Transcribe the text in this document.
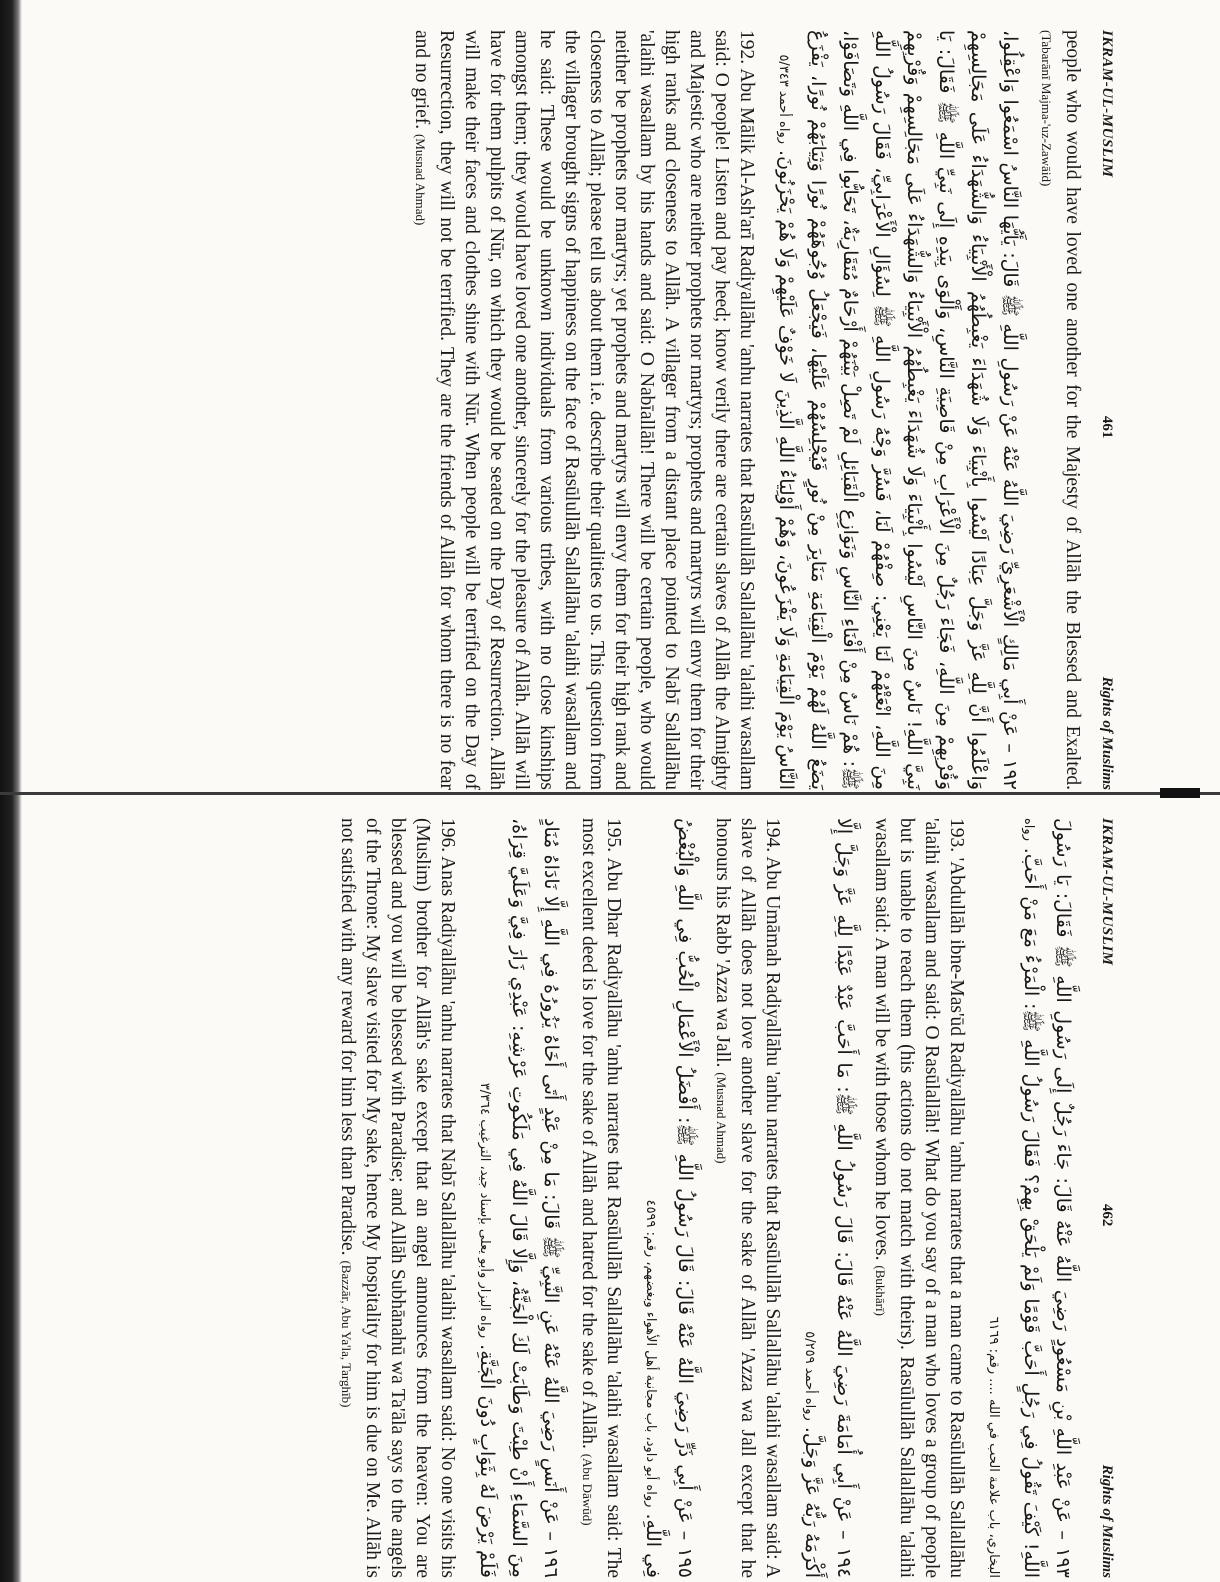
IKRAM-UL-MUSLIM
461
Rights of Muslims

people who would have loved one another for the Majesty of Allāh the Blessed and Exalted. (Tabarānī Majma-'uz-Zawāid)

١٩٢ – عَنْ أَبِي مَالِكٍ الْأَشْعَرِيِّ رَضِيَ اللَّهُ عَنْهُ عَنْ رَسُولِ اللَّهِ ﷺ قَالَ: يَأَيُّهَا النَّاسُ اسْمَعُوا وَاعْقِلُوا، وَاعْلَمُوا أَنَّ لِلَّهِ عَزَّ وَجَلَّ عِبَادًا لَيْسُوا بِأَنْبِيَاءَ وَلَا شُهَدَاءَ يَغْبِطُهُمُ الْأَنْبِيَاءُ وَالشُّهَدَاءُ عَلَى مَجَالِسِهِمْ وَقُرْبِهِمْ مِنَ اللَّهِ، فَجَاءَ رَجُلٌ مِنَ الْأَعْرَابِ مِنْ قَاصِيَةِ النَّاسِ، وَأَلْوَى بِيَدِهِ إِلَى نَبِيِّ اللَّهِ ﷺ فَقَالَ: يَا نَبِيَّ اللَّهِ! نَاسٌ مِنَ النَّاسِ لَيْسُوا بِأَنْبِيَاءَ وَلَا شُهَدَاءَ يَغْبِطُهُمُ الْأَنْبِيَاءُ وَالشُّهَدَاءُ عَلَى مَجَالِسِهِمْ وَقُرْبِهِمْ مِنَ اللَّهِ، انْعَتْهُمْ لَنَا يَعْنِي: صِفْهُمْ لَنَا، فَسُرَّ وَجْهُ رَسُولِ اللَّهِ ﷺ لِسُؤَالِ الْأَعْرَابِيِّ، فَقَالَ رَسُولُ اللَّهِ ﷺ: هُمْ نَاسٌ مِنْ أَفْنَاءِ النَّاسِ وَنَوَازِعِ الْقَبَائِلِ لَمْ تَصِلْ بَيْنَهُمْ أَرْحَامٌ مُتَقَارِبَةٌ، تَحَابُّوا فِي اللَّهِ وَتَصَافَوْا، يَضَعُ اللَّهُ لَهُمْ يَوْمَ الْقِيَامَةِ مَنَابِرَ مِنْ نُورٍ فَيُجْلِسُهُمْ عَلَيْهَا، فَيَجْعَلُ وُجُوهَهُمْ نُورًا وَثِيَابَهُمْ نُورًا، يَفْزَعُ النَّاسُ يَوْمَ الْقِيَامَةِ وَلَا يَفْزَعُونَ، وَهُمْ أَوْلِيَاءُ اللَّهِ الَّذِينَ لَا خَوْفٌ عَلَيْهِمْ وَلَا هُمْ يَحْزَنُونَ. رواه أحمد ٥/٣٤٣

192. Abu Mālik Al-Ash'arī Radiyallāhu 'anhu narrates that Rasūlullāh Sallallāhu 'alaihi wasallam said: O people! Listen and pay heed; know verily there are certain slaves of Allāh the Almighty and Majestic who are neither prophets nor martyrs; prophets and martyrs will envy them for their high ranks and closeness to Allāh. A villager from a distant place pointed to Nabī Sallallāhu 'alaihi wasallam by his hands and said: O Nabīallāh! There will be certain people, who would neither be prophets nor martyrs; yet prophets and martyrs will envy them for their high rank and closeness to Allāh; please tell us about them i.e. describe their qualities to us. This question from the villager brought signs of happiness on the face of Rasūlullāh Sallallāhu 'alaihi wasallam and he said: These would be unknown individuals from various tribes, with no close kinships amongst them; they would have loved one another, sincerely for the pleasure of Allāh. Allāh will have for them pulpits of Nūr, on which they would be seated on the Day of Resurrection. Allāh will make their faces and clothes shine with Nūr. When people will be terrified on the Day of Resurrection, they will not be terrified. They are the friends of Allāh for whom there is no fear and no grief. (Musnad Ahmad)

IKRAM-UL-MUSLIM
462
Rights of Muslims
١٩٣ – عَنْ عَبْدِ اللَّهِ بْنِ مَسْعُودٍ رَضِيَ اللَّهُ عَنْهُ قَالَ: جَاءَ رَجُلٌ إِلَى رَسُولِ اللَّهِ ﷺ فَقَالَ: يَا رَسُولَ اللَّهِ! كَيْفَ تَقُولُ فِي رَجُلٍ أَحَبَّ قَوْمًا وَلَمْ يَلْحَقْ بِهِمْ؟ فَقَالَ رَسُولُ اللَّهِ ﷺ: الْمَرْءُ مَعَ مَنْ أَحَبَّ. رواه البخاري، باب علامة الحب في الله .... رقم: ٦١٦٩

193. 'Abdullāh ibne-Mas'ūd Radiyallāhu 'anhu narrates that a man came to Rasūlullāh Sallallāhu 'alaihi wasallam and said: O Rasūlallāh! What do you say of a man who loves a group of people but is unable to reach them (his actions do not match with theirs). Rasūlullāh Sallallāhu 'alaihi wasallam said: A man will be with those whom he loves. (Bukhārī)

١٩٤ – عَنْ أَبِي أُمَامَةَ رَضِيَ اللَّهُ عَنْهُ قَالَ: قَالَ رَسُولُ اللَّهِ ﷺ: مَا أَحَبَّ عَبْدٌ عَبْدًا لِلَّهِ عَزَّ وَجَلَّ إِلَّا أَكْرَمَهُ رَبُّهُ عَزَّ وَجَلَّ. رواه أحمد ٥/٢٥٩

194. Abu Umāmah Radiyallāhu 'anhu narrates that Rasūlullāh Sallallāhu 'alaihi wasallam said: A slave of Allāh does not love another slave for the sake of Allāh 'Azza wa Jall except that he honours his Rabb 'Azza wa Jall. (Musnad Ahmad)

١٩٥ – عَنْ أَبِي ذَرٍّ رَضِيَ اللَّهُ عَنْهُ قَالَ: قَالَ رَسُولُ اللَّهِ ﷺ: أَفْضَلُ الْأَعْمَالِ الْحُبُّ فِي اللَّهِ وَالْبُغْضُ فِي اللَّهِ. رواه أبو داود، باب مجانبة أهل الأهواء وبغضهم، رقم: ٤٥٩٩

195. Abu Dhar Radiyallāhu 'anhu narrates that Rasūlullāh Sallallāhu 'alaihi wasallam said: The most excellent deed is love for the sake of Allāh and hatred for the sake of Allāh. (Abu Dāwūd)

١٩٦ – عَنْ أَنَسٍ رَضِيَ اللَّهُ عَنْهُ عَنِ النَّبِيِّ ﷺ قَالَ: مَا مِنْ عَبْدٍ أَتَى أَخَاهُ يَزُورُهُ فِي اللَّهِ إِلَّا نَادَاهُ مُنَادٍ مِنَ السَّمَاءِ أَنْ طِبْتَ وَطَابَتْ لَكَ الْجَنَّةُ، وَإِلَّا قَالَ اللَّهُ فِي مَلَكُوتِ عَرْشِهِ: عَبْدِي زَارَ فِيَّ وَعَلَيَّ قِرَاهُ، فَلَمْ يَرْضَ لَهُ بِثَوَابٍ دُونَ الْجَنَّةِ. رواه البزار وأبو يعلى بإسناد جيد، الترغيب ٣/٣٦٤

196. Anas Radiyallāhu 'anhu narrates that Nabī Sallallāhu 'alaihi wasallam said: No one visits his (Muslim) brother for Allāh's sake except that an angel announces from the heaven: You are blessed and you will be blessed with Paradise; and Allāh Subhānahū wa Ta'āla says to the angels of the Throne: My slave visited for My sake, hence My hospitality for him is due on Me. Allāh is not satisfied with any reward for him less than Paradise. (Bazzār, Abu Ya'la, Targhīb)
